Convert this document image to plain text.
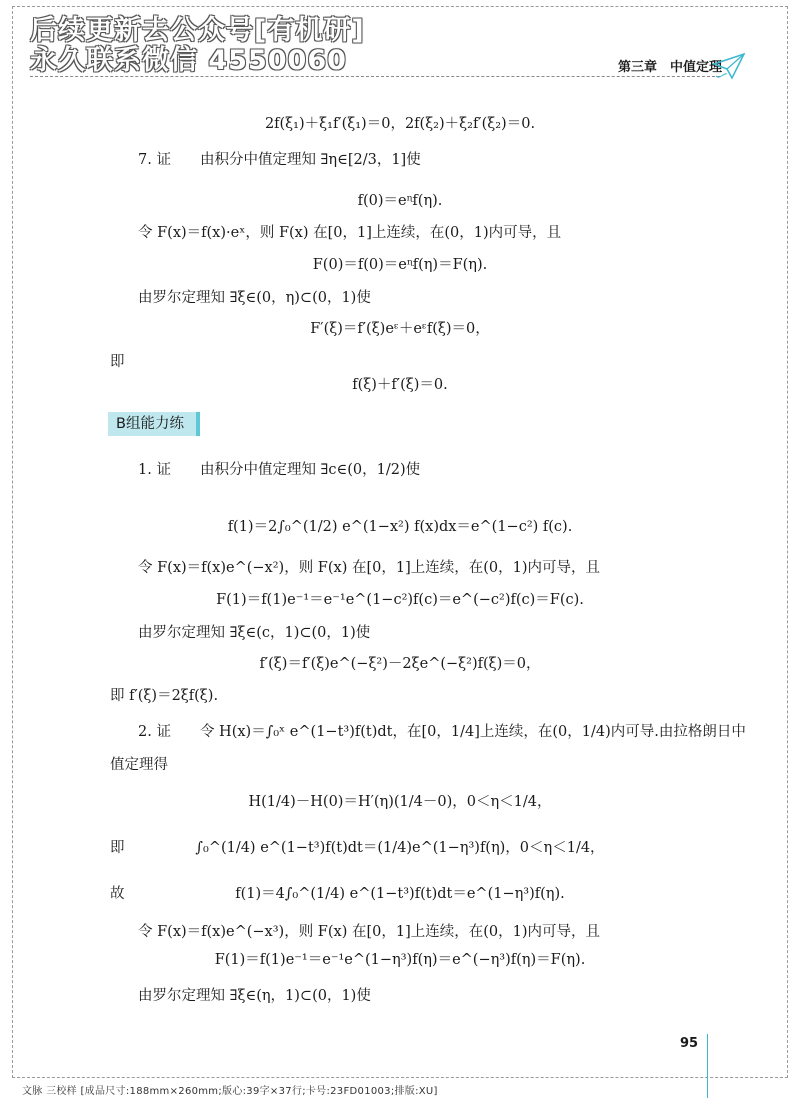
后续更新去公众号[有机研]
永久联系微信 4550060	第三章　中值定理
2f(ξ₁)＋ξ₁f′(ξ₁)＝0，2f(ξ₂)＋ξ₂f′(ξ₂)＝0.
7. 证　　由积分中值定理知 ∃η∈[2/3，1]使
f(0)＝eᶯf(η).
令 F(x)＝f(x)·eˣ，则 F(x) 在[0，1]上连续，在(0，1)内可导，且
F(0)＝f(0)＝eᶯf(η)＝F(η).
由罗尔定理知 ∃ξ∈(0，η)⊂(0，1)使
F′(ξ)＝f′(ξ)eᵋ＋eᵋf(ξ)＝0，
即
f(ξ)＋f′(ξ)＝0.
B组能力练
1. 证　　由积分中值定理知 ∃c∈(0，1/2)使
f(1)＝2∫₀^(1/2) e^(1−x²) f(x)dx＝e^(1−c²) f(c).
令 F(x)＝f(x)e^(−x²)，则 F(x) 在[0，1]上连续，在(0，1)内可导，且
F(1)＝f(1)e⁻¹＝e⁻¹e^(1−c²)f(c)＝e^(−c²)f(c)＝F(c).
由罗尔定理知 ∃ξ∈(c，1)⊂(0，1)使
f′(ξ)＝f′(ξ)e^(−ξ²)－2ξe^(−ξ²)f(ξ)＝0，
即 f′(ξ)＝2ξf(ξ).
2. 证　　令 H(x)＝∫₀ˣ e^(1−t³)f(t)dt，在[0，1/4]上连续，在(0，1/4)内可导.由拉格朗日中
值定理得
H(1/4)－H(0)＝H′(η)(1/4－0)，0＜η＜1/4，
即	∫₀^(1/4) e^(1−t³)f(t)dt＝(1/4)e^(1−η³)f(η)，0＜η＜1/4，
故	f(1)＝4∫₀^(1/4) e^(1−t³)f(t)dt＝e^(1−η³)f(η).
令 F(x)＝f(x)e^(−x³)，则 F(x) 在[0，1]上连续，在(0，1)内可导，且
F(1)＝f(1)e⁻¹＝e⁻¹e^(1−η³)f(η)＝e^(−η³)f(η)＝F(η).
由罗尔定理知 ∃ξ∈(η，1)⊂(0，1)使
95
文脉 三校样 [成品尺寸:188mm×260mm;版心:39字×37行;卡号:23FD01003;排版:XU]
